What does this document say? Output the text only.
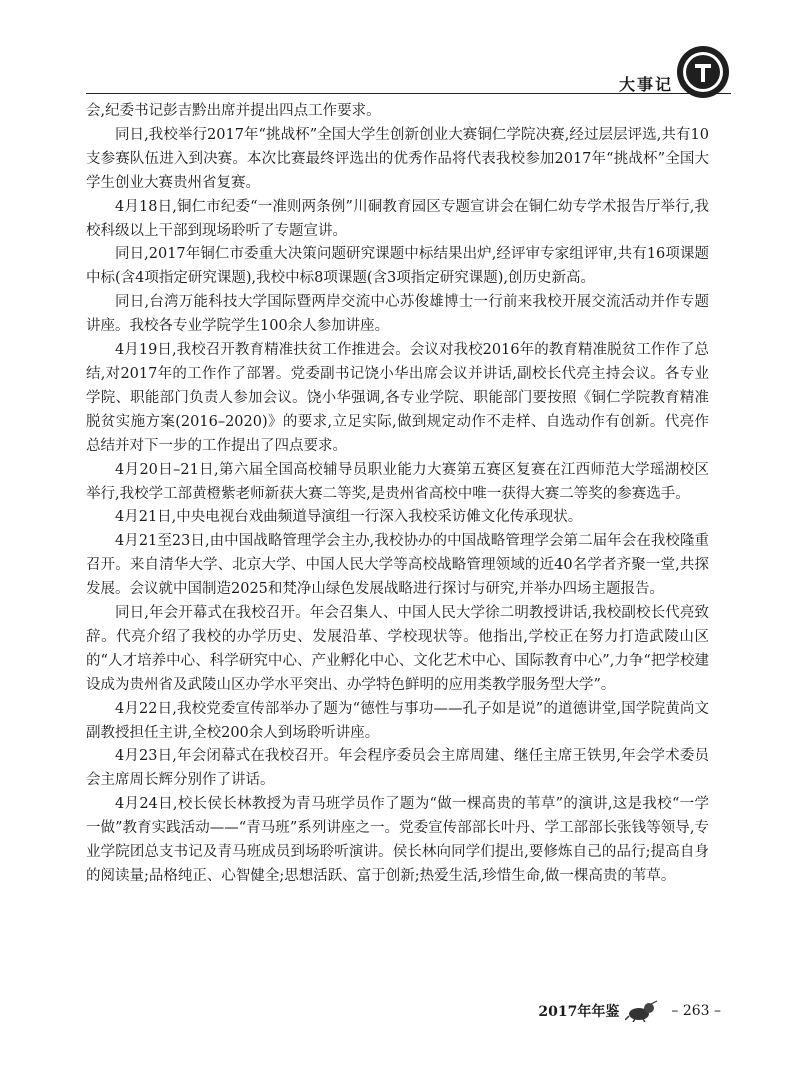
大事记

会,纪委书记彭吉黔出席并提出四点工作要求。

同日,我校举行2017年“挑战杯”全国大学生创新创业大赛铜仁学院决赛,经过层层评选,共有10支参赛队伍进入到决赛。本次比赛最终评选出的优秀作品将代表我校参加2017年“挑战杯”全国大学生创业大赛贵州省复赛。

4月18日,铜仁市纪委“一准则两条例”川硐教育园区专题宣讲会在铜仁幼专学术报告厅举行,我校科级以上干部到现场聆听了专题宣讲。

同日,2017年铜仁市委重大决策问题研究课题中标结果出炉,经评审专家组评审,共有16项课题中标(含4项指定研究课题),我校中标8项课题(含3项指定研究课题),创历史新高。

同日,台湾万能科技大学国际暨两岸交流中心苏俊雄博士一行前来我校开展交流活动并作专题讲座。我校各专业学院学生100余人参加讲座。

4月19日,我校召开教育精准扶贫工作推进会。会议对我校2016年的教育精准脱贫工作作了总结,对2017年的工作作了部署。党委副书记饶小华出席会议并讲话,副校长代亮主持会议。各专业学院、职能部门负责人参加会议。饶小华强调,各专业学院、职能部门要按照《铜仁学院教育精准脱贫实施方案(2016–2020)》的要求,立足实际,做到规定动作不走样、自选动作有创新。代亮作总结并对下一步的工作提出了四点要求。

4月20日–21日,第六届全国高校辅导员职业能力大赛第五赛区复赛在江西师范大学瑶湖校区举行,我校学工部黄橙紫老师新获大赛二等奖,是贵州省高校中唯一获得大赛二等奖的参赛选手。

4月21日,中央电视台戏曲频道导演组一行深入我校采访傩文化传承现状。

4月21至23日,由中国战略管理学会主办,我校协办的中国战略管理学会第二届年会在我校隆重召开。来自清华大学、北京大学、中国人民大学等高校战略管理领域的近40名学者齐聚一堂,共探发展。会议就中国制造2025和梵净山绿色发展战略进行探讨与研究,并举办四场主题报告。

同日,年会开幕式在我校召开。年会召集人、中国人民大学徐二明教授讲话,我校副校长代亮致辞。代亮介绍了我校的办学历史、发展沿革、学校现状等。他指出,学校正在努力打造武陵山区的“人才培养中心、科学研究中心、产业孵化中心、文化艺术中心、国际教育中心”,力争“把学校建设成为贵州省及武陵山区办学水平突出、办学特色鲜明的应用类教学服务型大学”。

4月22日,我校党委宣传部举办了题为“德性与事功——孔子如是说”的道德讲堂,国学院黄尚文副教授担任主讲,全校200余人到场聆听讲座。

4月23日,年会闭幕式在我校召开。年会程序委员会主席周建、继任主席王铁男,年会学术委员会主席周长辉分别作了讲话。

4月24日,校长侯长林教授为青马班学员作了题为“做一棵高贵的苇草”的演讲,这是我校“一学一做”教育实践活动——“青马班”系列讲座之一。党委宣传部部长叶丹、学工部部长张钱等领导,专业学院团总支书记及青马班成员到场聆听演讲。侯长林向同学们提出,要修炼自己的品行;提高自身的阅读量;品格纯正、心智健全;思想活跃、富于创新;热爱生活,珍惜生命,做一棵高贵的苇草。

2017年年鉴	– 263 –
